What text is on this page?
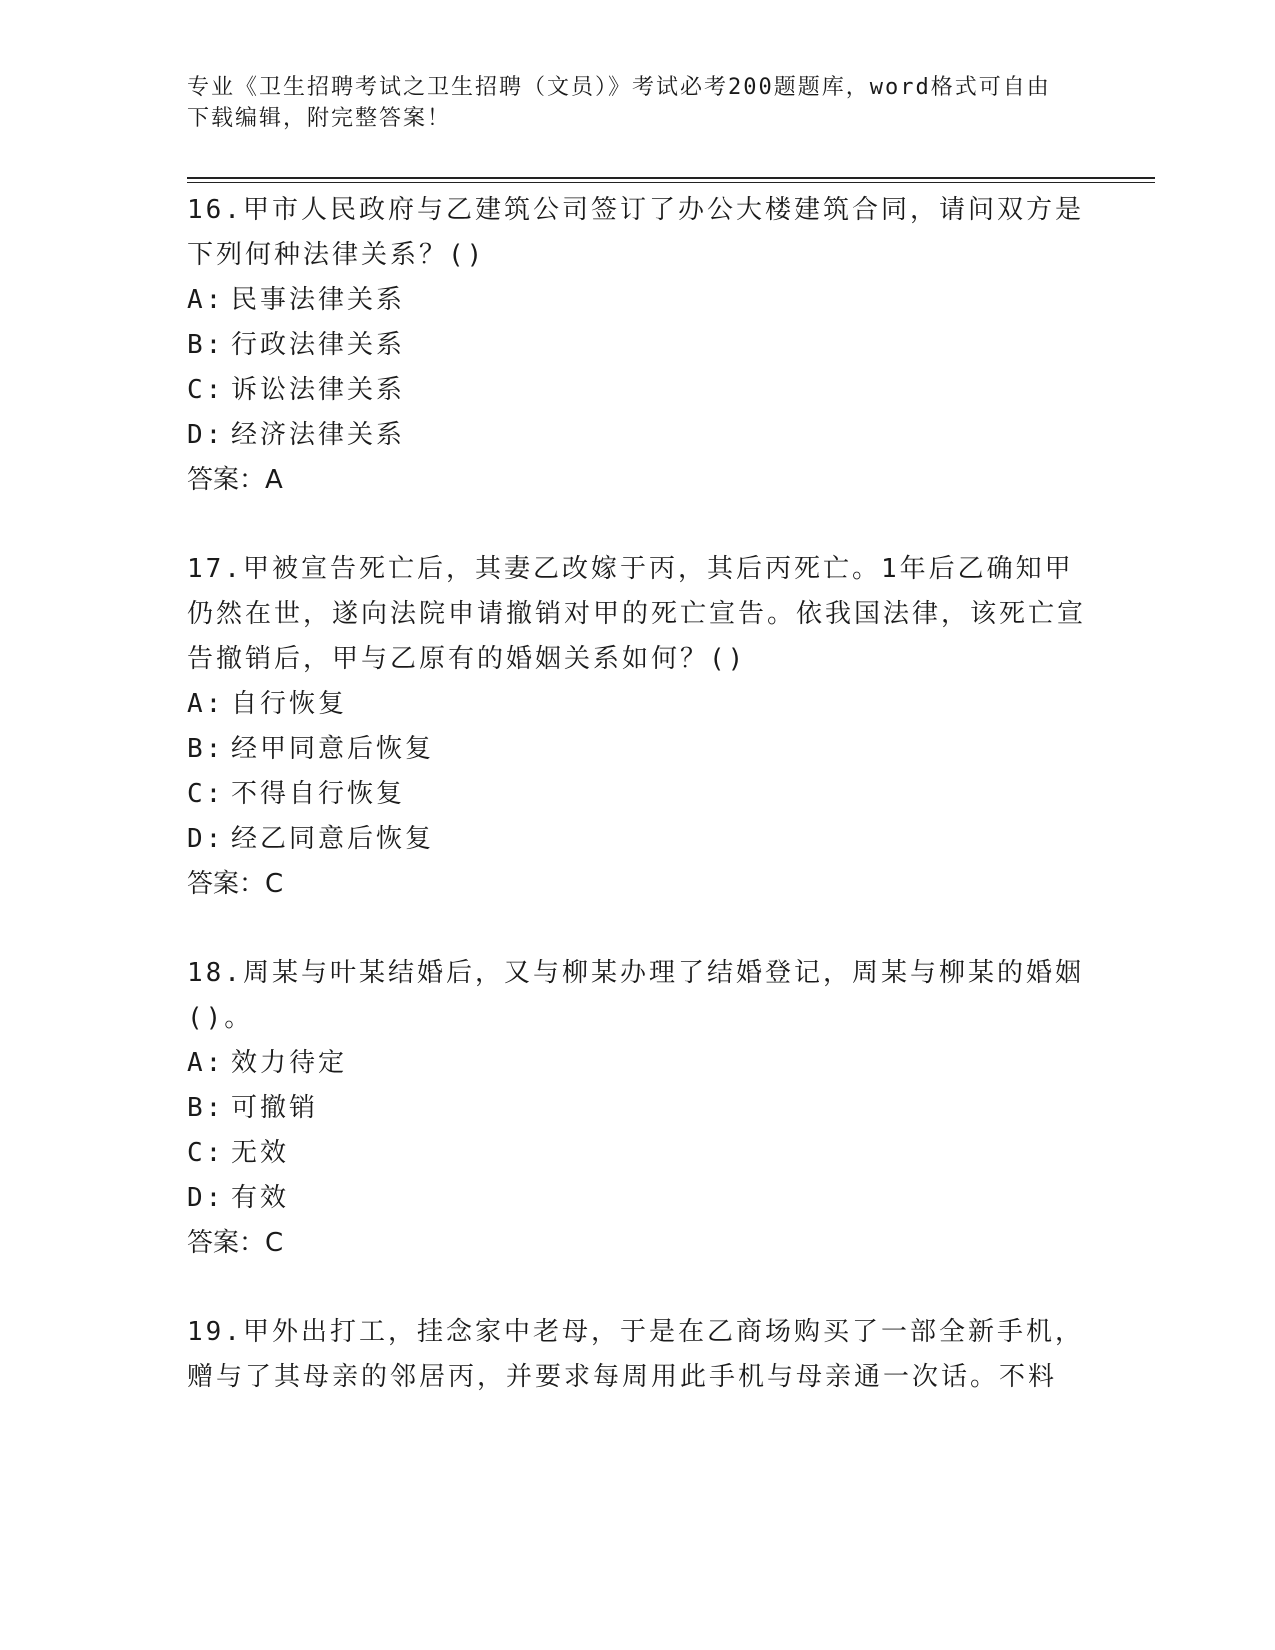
专业《卫生招聘考试之卫生招聘（文员）》考试必考200题题库，word格式可自由下载编辑，附完整答案！

16.甲市人民政府与乙建筑公司签订了办公大楼建筑合同，请问双方是下列何种法律关系？()

A: 民事法律关系

B: 行政法律关系

C: 诉讼法律关系

D: 经济法律关系

答案：A

17.甲被宣告死亡后，其妻乙改嫁于丙，其后丙死亡。1年后乙确知甲仍然在世，遂向法院申请撤销对甲的死亡宣告。依我国法律，该死亡宣告撤销后，甲与乙原有的婚姻关系如何？()

A: 自行恢复

B: 经甲同意后恢复

C: 不得自行恢复

D: 经乙同意后恢复

答案：C

18.周某与叶某结婚后，又与柳某办理了结婚登记，周某与柳某的婚姻()。

A: 效力待定

B: 可撤销

C: 无效

D: 有效

答案：C

19.甲外出打工，挂念家中老母，于是在乙商场购买了一部全新手机，赠与了其母亲的邻居丙，并要求每周用此手机与母亲通一次话。不料
